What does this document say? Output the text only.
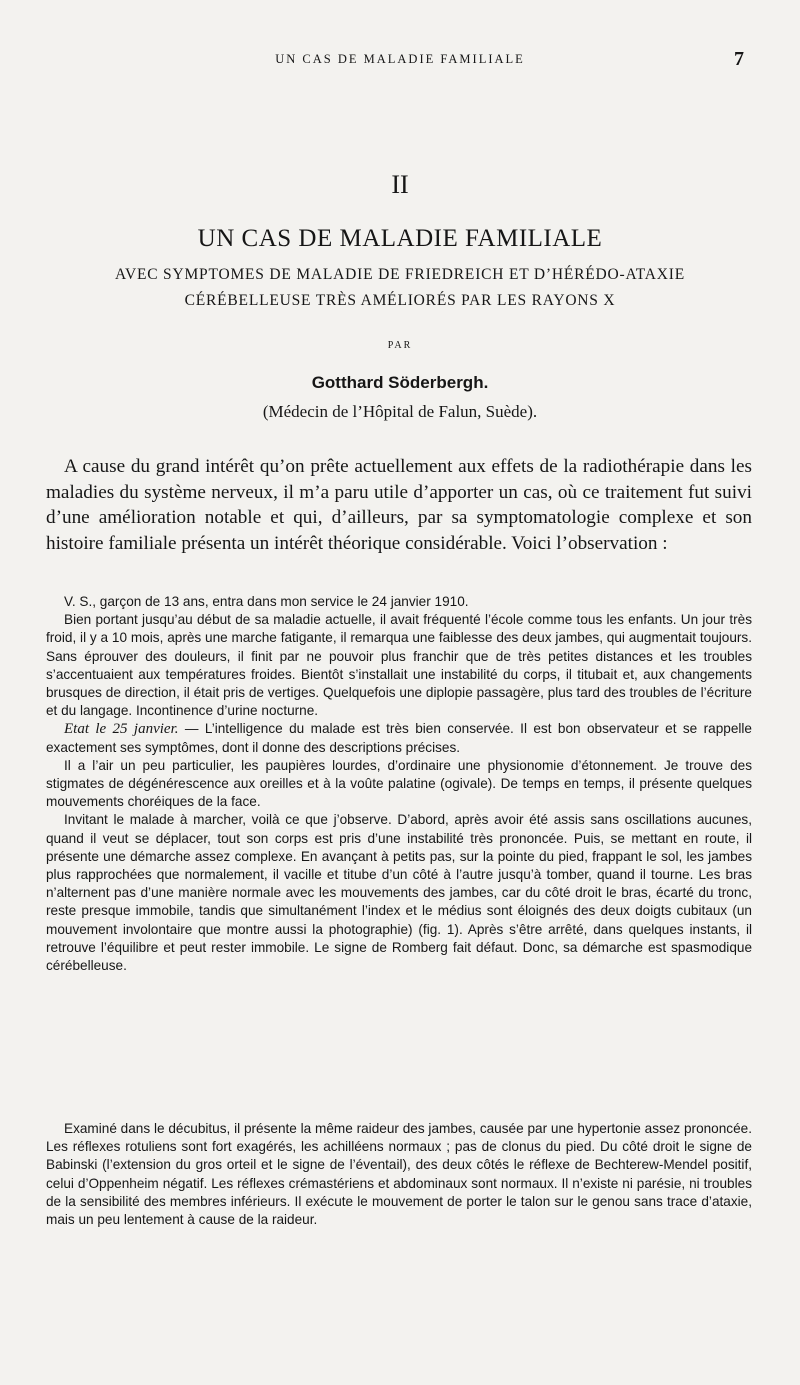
UN CAS DE MALADIE FAMILIALE	7
II
UN CAS DE MALADIE FAMILIALE
AVEC SYMPTOMES DE MALADIE DE FRIEDREICH ET D’HÉRÉDO-ATAXIE
CÉRÉBELLEUSE TRÈS AMÉLIORÉS PAR LES RAYONS X
PAR
Gotthard Söderbergh.
(Médecin de l’Hôpital de Falun, Suède).

A cause du grand intérêt qu’on prête actuellement aux effets de la radiothérapie dans les maladies du système nerveux, il m’a paru utile d’apporter un cas, où ce traitement fut suivi d’une amélioration notable et qui, d’ailleurs, par sa symptomatologie complexe et son histoire familiale présenta un intérêt théorique considérable. Voici l’observation :

V. S., garçon de 13 ans, entra dans mon service le 24 janvier 1910.

Bien portant jusqu’au début de sa maladie actuelle, il avait fréquenté l’école comme tous les enfants. Un jour très froid, il y a 10 mois, après une marche fatigante, il remarqua une faiblesse des deux jambes, qui augmentait toujours. Sans éprouver des douleurs, il finit par ne pouvoir plus franchir que de très petites distances et les troubles s’accentuaient aux températures froides. Bientôt s’installait une instabilité du corps, il titubait et, aux changements brusques de direction, il était pris de vertiges. Quelquefois une diplopie passagère, plus tard des troubles de l’écriture et du langage. Incontinence d’urine nocturne.

Etat le 25 janvier. — L’intelligence du malade est très bien conservée. Il est bon observateur et se rappelle exactement ses symptômes, dont il donne des descriptions précises.

Il a l’air un peu particulier, les paupières lourdes, d’ordinaire une physionomie d’étonnement. Je trouve des stigmates de dégénérescence aux oreilles et à la voûte palatine (ogivale). De temps en temps, il présente quelques mouvements choréiques de la face.

Invitant le malade à marcher, voilà ce que j’observe. D’abord, après avoir été assis sans oscillations aucunes, quand il veut se déplacer, tout son corps est pris d’une instabilité très prononcée. Puis, se mettant en route, il présente une démarche assez complexe. En avançant à petits pas, sur la pointe du pied, frappant le sol, les jambes plus rapprochées que normalement, il vacille et titube d’un côté à l’autre jusqu’à tomber, quand il tourne. Les bras n’alternent pas d’une manière normale avec les mouvements des jambes, car du côté droit le bras, écarté du tronc, reste presque immobile, tandis que simultanément l’index et le médius sont éloignés des deux doigts cubitaux (un mouvement involontaire que montre aussi la photographie) (fig. 1). Après s’être arrêté, dans quelques instants, il retrouve l’équilibre et peut rester immobile. Le signe de Romberg fait défaut. Donc, sa démarche est spasmodique cérébelleuse.

Examiné dans le décubitus, il présente la même raideur des jambes, causée par une hypertonie assez prononcée. Les réflexes rotuliens sont fort exagérés, les achilléens normaux ; pas de clonus du pied. Du côté droit le signe de Babinski (l’extension du gros orteil et le signe de l’éventail), des deux côtés le réflexe de Bechterew-Mendel positif, celui d’Oppenheim négatif. Les réflexes crémastériens et abdominaux sont normaux. Il n’existe ni parésie, ni troubles de la sensibilité des membres inférieurs. Il exécute le mouvement de porter le talon sur le genou sans trace d’ataxie, mais un peu lentement à cause de la raideur.
